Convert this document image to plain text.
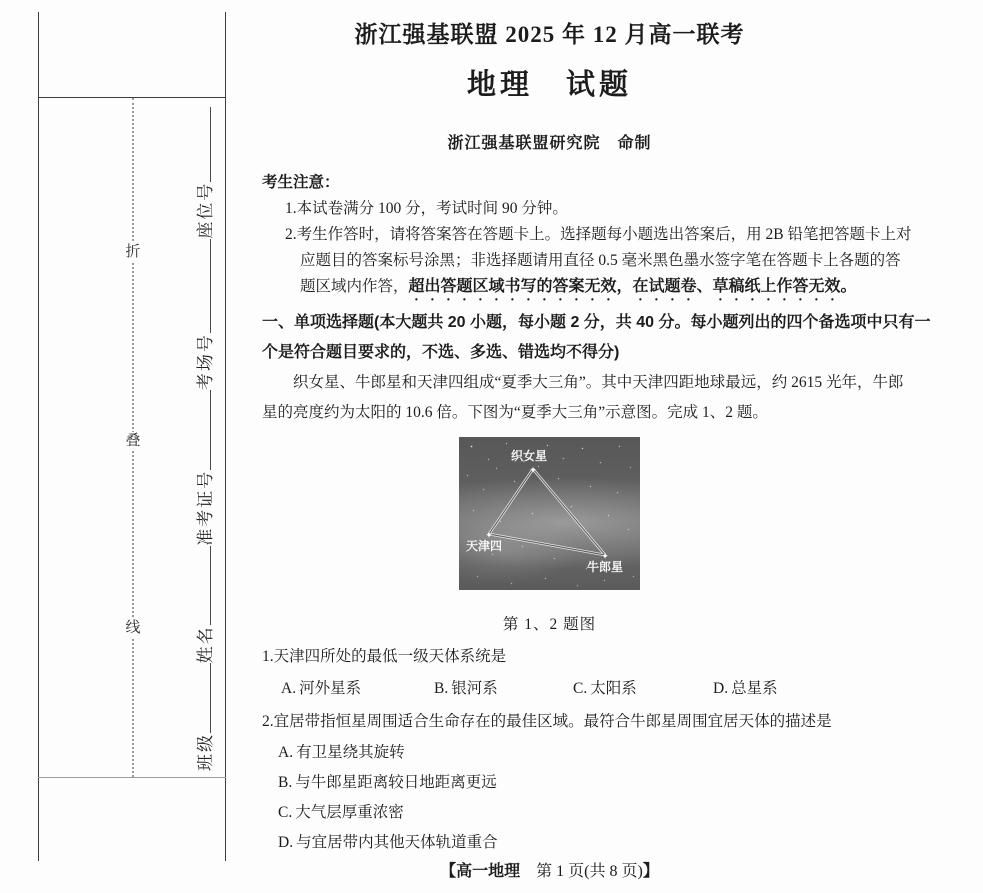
折
叠
线
班级
姓名
准考证号
考场号
座位号
浙江强基联盟 2025 年 12 月高一联考
地理　试题
浙江强基联盟研究院　命制
考生注意：
1.本试卷满分 100 分，考试时间 90 分钟。
2.考生作答时，请将答案答在答题卡上。选择题每小题选出答案后，用 2B 铅笔把答题卡上对
应题目的答案标号涂黑；非选择题请用直径 0.5 毫米黑色墨水签字笔在答题卡上各题的答
题区域内作答，超出答题区域书写的答案无效，在试题卷、草稿纸上作答无效。
一、单项选择题(本大题共 20 小题，每小题 2 分，共 40 分。每小题列出的四个备选项中只有一
个是符合题目要求的，不选、多选、错选均不得分)
织女星、牛郎星和天津四组成“夏季大三角”。其中天津四距地球最远，约 2615 光年，牛郎
星的亮度约为太阳的 10.6 倍。下图为“夏季大三角”示意图。完成 1、2 题。
✦
✦
✦
织女星
天津四
牛郎星
第 1、2 题图
1.天津四所处的最低一级天体系统是
A. 河外星系	B. 银河系	C. 太阳系	D. 总星系
2.宜居带指恒星周围适合生命存在的最佳区域。最符合牛郎星周围宜居天体的描述是
A. 有卫星绕其旋转
B. 与牛郎星距离较日地距离更远
C. 大气层厚重浓密
D. 与宜居带内其他天体轨道重合
【高一地理　第 1 页(共 8 页)】
